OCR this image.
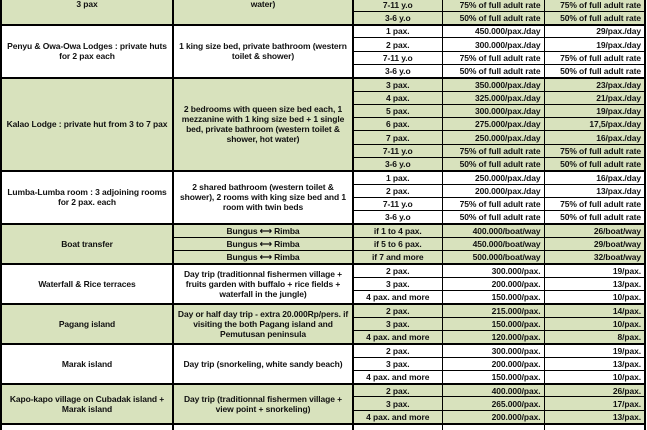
3 pax	water)	7-11 y.o	75% of full adult rate	75% of full adult rate
		3-6 y.o	50% of full adult rate	50% of full adult rate
Penyu & Owa-Owa Lodges : private huts for 2 pax each	1 king size bed, private bathroom (western toilet & shower)	1 pax.	450.000/pax./day	29/pax./day
		2 pax.	300.000/pax./day	19/pax./day
		7-11 y.o	75% of full adult rate	75% of full adult rate
		3-6 y.o	50% of full adult rate	50% of full adult rate
Kalao Lodge : private hut from 3 to 7 pax	2 bedrooms with queen size bed each, 1 mezzanine with 1 king size bed + 1 single bed, private bathroom (western toilet & shower, hot water)	3 pax.	350.000/pax./day	23/pax./day
		4 pax.	325.000/pax./day	21/pax./day
		5 pax.	300.000/pax./day	19/pax./day
		6 pax.	275.000/pax./day	17,5/pax./day
		7 pax.	250.000/pax./day	16/pax./day
		7-11 y.o	75% of full adult rate	75% of full adult rate
		3-6 y.o	50% of full adult rate	50% of full adult rate
Lumba-Lumba room : 3 adjoining rooms for 2 pax. each	2 shared bathroom (western toilet & shower), 2 rooms with king size bed and 1 room with twin beds	1 pax.	250.000/pax./day	16/pax./day
		2 pax.	200.000/pax./day	13/pax./day
		7-11 y.o	75% of full adult rate	75% of full adult rate
		3-6 y.o	50% of full adult rate	50% of full adult rate
Boat transfer	Bungus ⟷ Rimba	if 1 to 4 pax.	400.000/boat/way	26/boat/way
	Bungus ⟷ Rimba	if 5 to 6 pax.	450.000/boat/way	29/boat/way
	Bungus ⟷ Rimba	if 7 and more	500.000/boat/way	32/boat/way
Waterfall & Rice terraces	Day trip (traditionnal fishermen village + fruits garden with buffalo + rice fields + waterfall in the jungle)	2 pax.	300.000/pax.	19/pax.
		3 pax.	200.000/pax.	13/pax.
		4 pax. and more	150.000/pax.	10/pax.
Pagang island	Day or half day trip - extra 20.000Rp/pers. if visiting the both Pagang island and Pemutusan peninsula	2 pax.	215.000/pax.	14/pax.
		3 pax.	150.000/pax.	10/pax.
		4 pax. and more	120.000/pax.	8/pax.
Marak island	Day trip (snorkeling, white sandy beach)	2 pax.	300.000/pax.	19/pax.
		3 pax.	200.000/pax.	13/pax.
		4 pax. and more	150.000/pax.	10/pax.
Kapo-kapo village on Cubadak island + Marak island	Day trip (traditionnal fishermen village + view point + snorkeling)	2 pax.	400.000/pax.	26/pax.
		3 pax.	265.000/pax.	17/pax.
		4 pax. and more	200.000/pax.	13/pax.
